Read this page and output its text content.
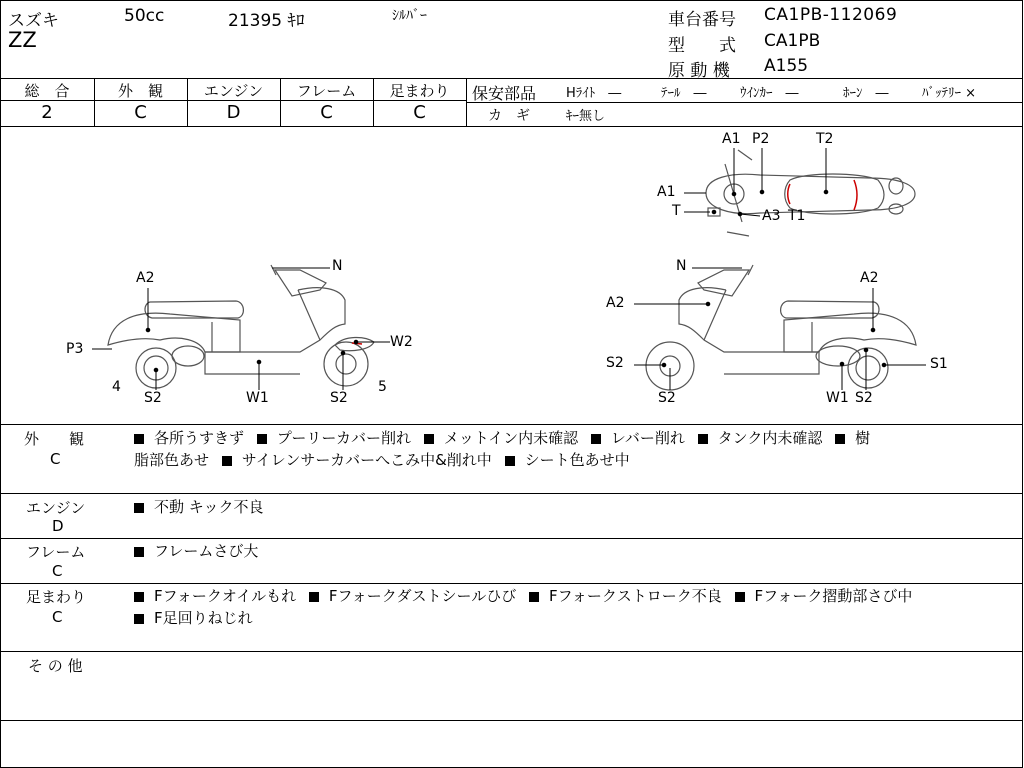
スズキ	50cc	21395 ｷﾛ	ｼﾙﾊﾞｰ
ZZ
車台番号 CA1PB-112069
型　　式 CA1PB
原 動 機 A155
総　合	外　観	エンジン	フレーム	足まわり
2	C	D	C	C
保安部品 Hﾗｲﾄ　―	ﾃｰﾙ　―	ｳｲﾝｶｰ　―	ﾎｰﾝ　―	ﾊﾞｯﾃﾘｰ ×
カ　ギ	ｷｰ無し
A1 P2	T2
A1
T	A3 T1
A2
N
P3	W2
4
S2	W1	S2
5
N
A2
A2
S2	S1
S2	W1 S2
外　　観
C
各所うすきず プーリーカバー削れ メットイン内未確認 レバー削れ タンク内未確認 樹
脂部色あせ サイレンサーカバーへこみ中&削れ中 シート色あせ中
エンジン
D
不動 キック不良
フレーム
C
フレームさび大
足まわり
C
Fフォークオイルもれ Fフォークダストシールひび Fフォークストローク不良 Fフォーク摺動部さび中
F足回りねじれ
そ の 他
